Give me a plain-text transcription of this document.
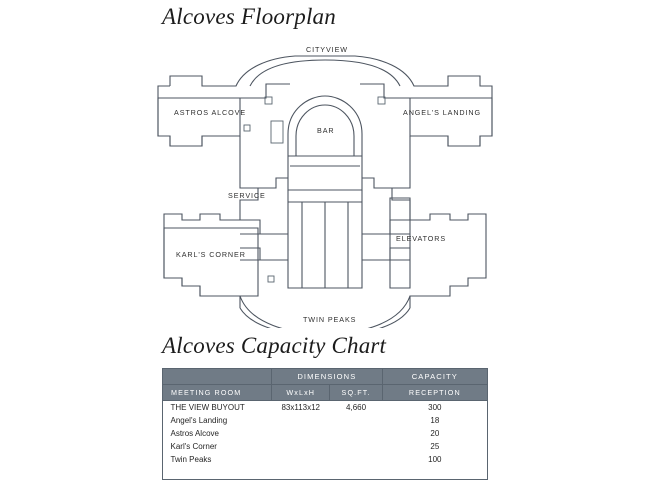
Alcoves Floorplan
CITYVIEW
ASTROS ALCOVE	ANGEL'S LANDING
BAR
SERVICE
ELEVATORS
KARL'S CORNER
TWIN PEAKS
Alcoves Capacity Chart
	DIMENSIONS		CAPACITY
MEETING ROOM	WxLxH	SQ.FT.	RECEPTION
THE VIEW BUYOUT	83x113x12	4,660	300
Angel's Landing			18
Astros Alcove			20
Karl's Corner			25
Twin Peaks			100
